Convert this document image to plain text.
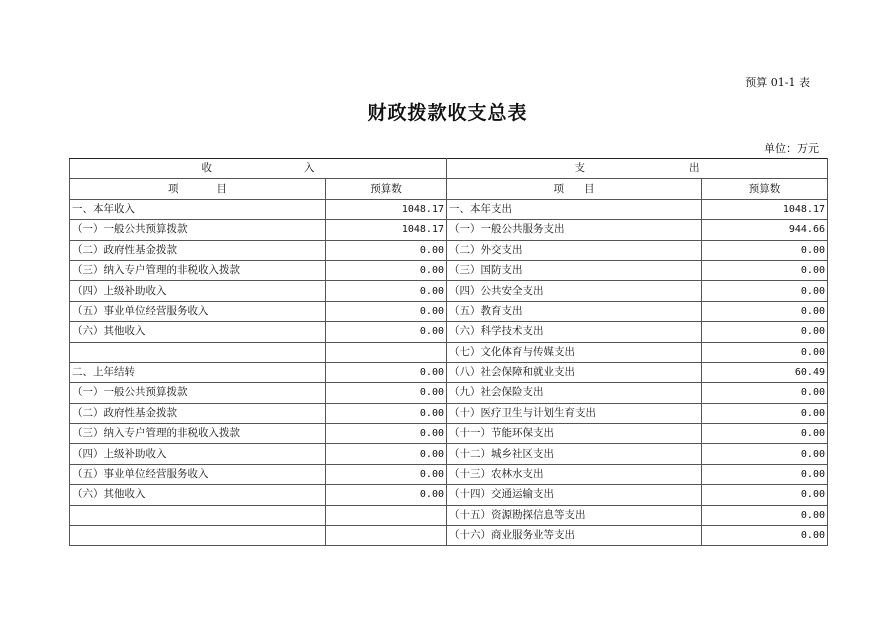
预算 01-1 表
财政拨款收支总表
单位：万元
收 入		支 出	
项 目	预算数	项 目	预算数
一、本年收入	1048.17	一、本年支出	1048.17
（一）一般公共预算拨款	1048.17	（一）一般公共服务支出	944.66
（二）政府性基金拨款	0.00	（二）外交支出	0.00
（三）纳入专户管理的非税收入拨款	0.00	（三）国防支出	0.00
（四）上级补助收入	0.00	（四）公共安全支出	0.00
（五）事业单位经营服务收入	0.00	（五）教育支出	0.00
（六）其他收入	0.00	（六）科学技术支出	0.00
		（七）文化体育与传媒支出	0.00
二、上年结转	0.00	（八）社会保障和就业支出	60.49
（一）一般公共预算拨款	0.00	（九）社会保险支出	0.00
（二）政府性基金拨款	0.00	（十）医疗卫生与计划生育支出	0.00
（三）纳入专户管理的非税收入拨款	0.00	（十一）节能环保支出	0.00
（四）上级补助收入	0.00	（十二）城乡社区支出	0.00
（五）事业单位经营服务收入	0.00	（十三）农林水支出	0.00
（六）其他收入	0.00	（十四）交通运输支出	0.00
		（十五）资源勘探信息等支出	0.00
		（十六）商业服务业等支出	0.00
